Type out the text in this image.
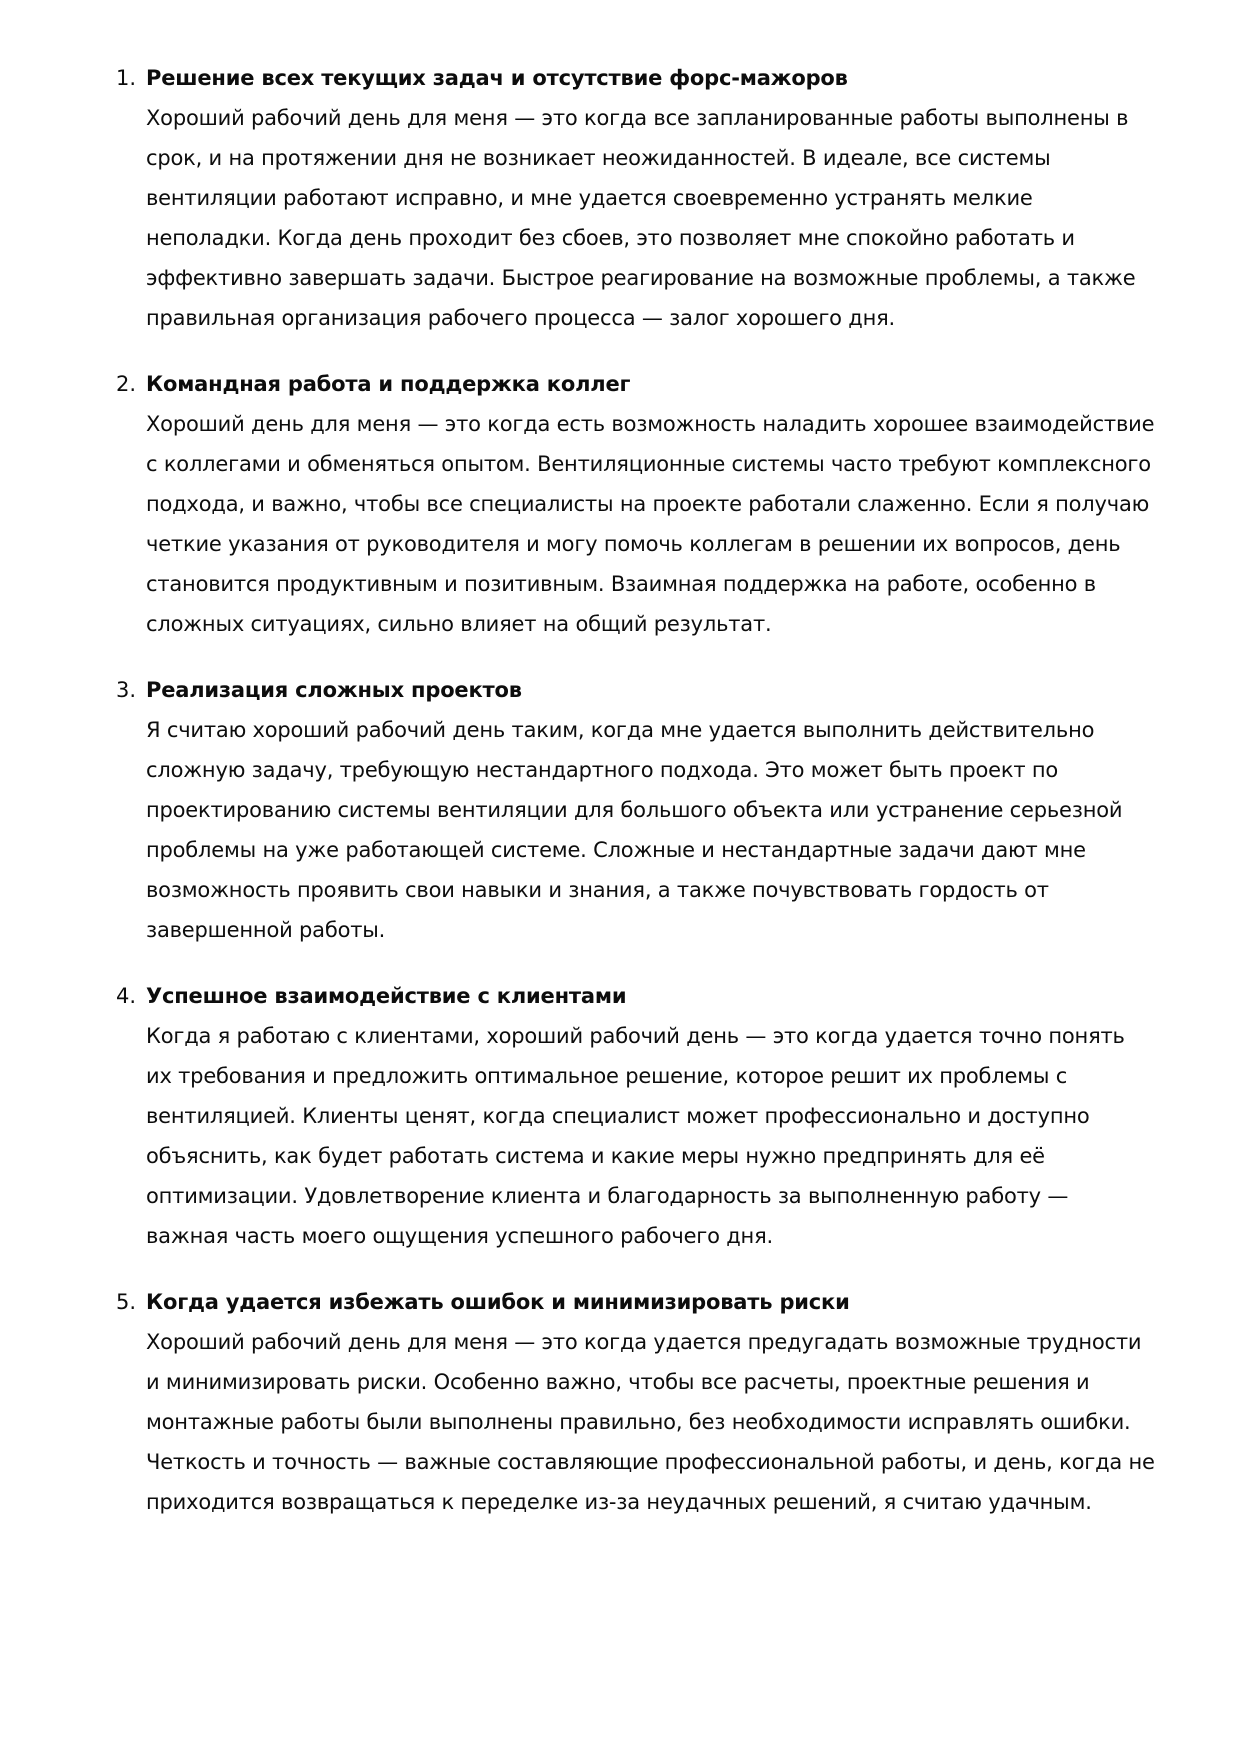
1. Решение всех текущих задач и отсутствие форс-мажоров
Хороший рабочий день для меня — это когда все запланированные работы выполнены в срок, и на протяжении дня не возникает неожиданностей. В идеале, все системы вентиляции работают исправно, и мне удается своевременно устранять мелкие неполадки. Когда день проходит без сбоев, это позволяет мне спокойно работать и эффективно завершать задачи. Быстрое реагирование на возможные проблемы, а также правильная организация рабочего процесса — залог хорошего дня.
2. Командная работа и поддержка коллег
Хороший день для меня — это когда есть возможность наладить хорошее взаимодействие с коллегами и обменяться опытом. Вентиляционные системы часто требуют комплексного подхода, и важно, чтобы все специалисты на проекте работали слаженно. Если я получаю четкие указания от руководителя и могу помочь коллегам в решении их вопросов, день становится продуктивным и позитивным. Взаимная поддержка на работе, особенно в сложных ситуациях, сильно влияет на общий результат.
3. Реализация сложных проектов
Я считаю хороший рабочий день таким, когда мне удается выполнить действительно сложную задачу, требующую нестандартного подхода. Это может быть проект по проектированию системы вентиляции для большого объекта или устранение серьезной проблемы на уже работающей системе. Сложные и нестандартные задачи дают мне возможность проявить свои навыки и знания, а также почувствовать гордость от завершенной работы.
4. Успешное взаимодействие с клиентами
Когда я работаю с клиентами, хороший рабочий день — это когда удается точно понять их требования и предложить оптимальное решение, которое решит их проблемы с вентиляцией. Клиенты ценят, когда специалист может профессионально и доступно объяснить, как будет работать система и какие меры нужно предпринять для её оптимизации. Удовлетворение клиента и благодарность за выполненную работу — важная часть моего ощущения успешного рабочего дня.
5. Когда удается избежать ошибок и минимизировать риски
Хороший рабочий день для меня — это когда удается предугадать возможные трудности и минимизировать риски. Особенно важно, чтобы все расчеты, проектные решения и монтажные работы были выполнены правильно, без необходимости исправлять ошибки. Четкость и точность — важные составляющие профессиональной работы, и день, когда не приходится возвращаться к переделке из-за неудачных решений, я считаю удачным.
